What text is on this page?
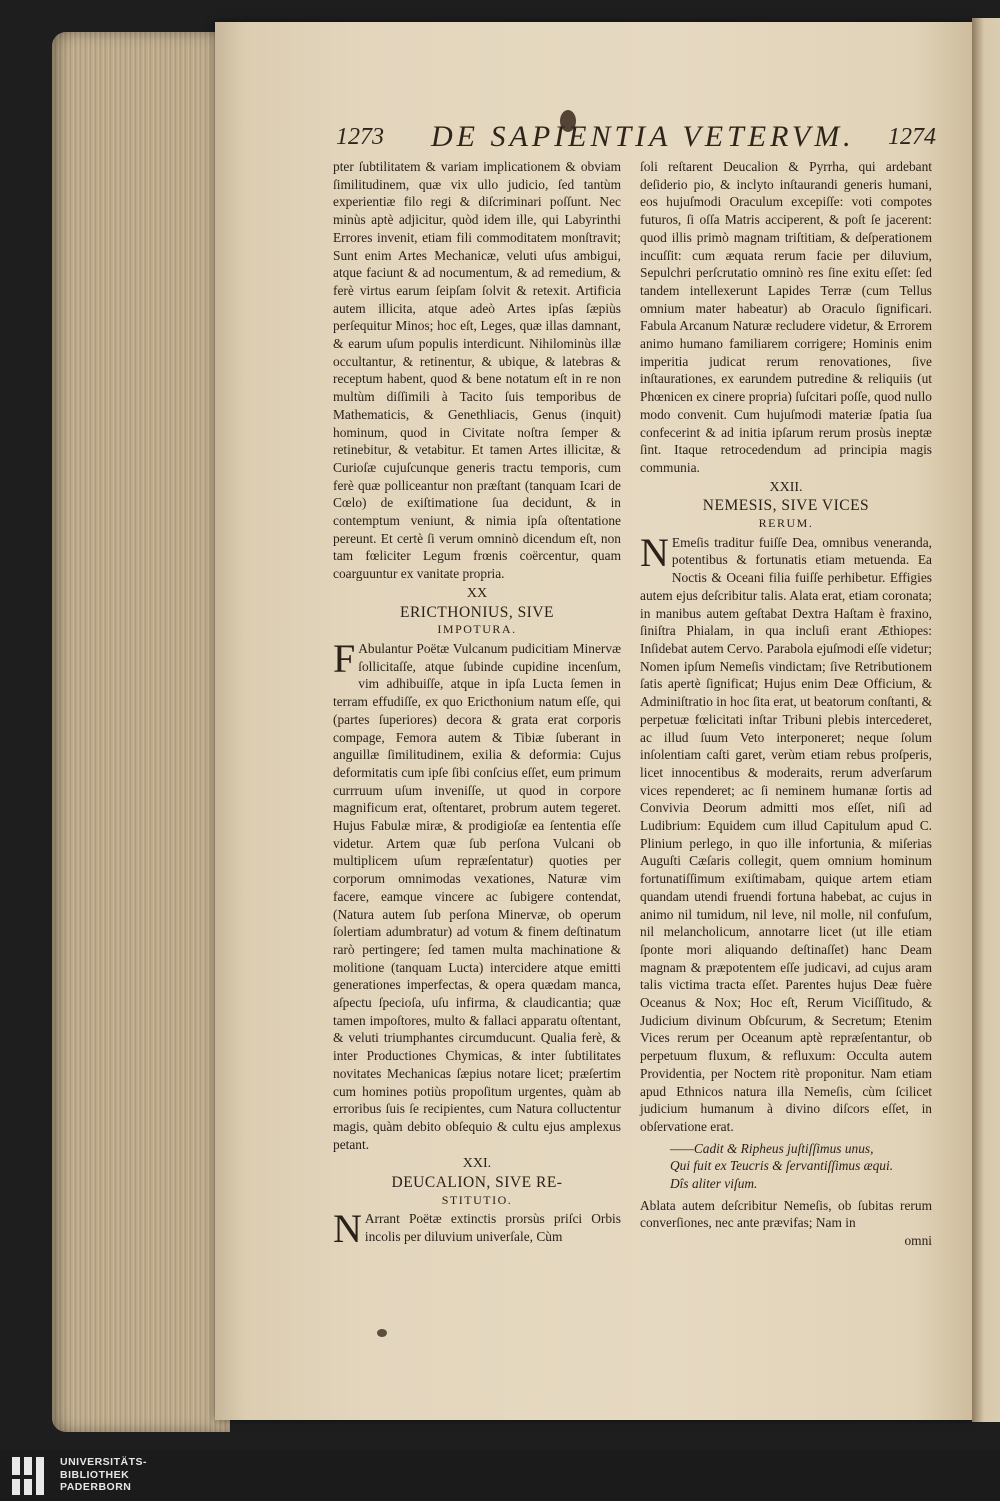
1273 DE SAPIENTIA VETERVM. 1274

pter ſubtilitatem & variam implicationem & obviam ſimilitudinem, quæ vix ullo judicio, ſed tantùm experientiæ filo regi & diſcriminari poſſunt. Nec minùs aptè adjicitur, quòd idem ille, qui Labyrinthi Errores invenit, etiam fili commoditatem monſtravit; Sunt enim Artes Mechanicæ, veluti uſus ambigui, atque faciunt & ad nocumentum, & ad remedium, & ferè virtus earum ſeipſam ſolvit & retexit. Artificia autem illicita, atque adeò Artes ipſas ſæpiùs perſequitur Minos; hoc eſt, Leges, quæ illas damnant, & earum uſum populis interdicunt. Nihilominùs illæ occultantur, & retinentur, & ubique, & latebras & receptum habent, quod & bene notatum eſt in re non multùm diſſimili à Tacito ſuis temporibus de Mathematicis, & Genethliacis, Genus (inquit) hominum, quod in Civitate noſtra ſemper & retinebitur, & vetabitur. Et tamen Artes illicitæ, & Curioſæ cujuſcunque generis tractu temporis, cum ferè quæ polliceantur non præſtant (tanquam Icari de Cœlo) de exiſtimatione ſua decidunt, & in contemptum veniunt, & nimia ipſa oſtentatione pereunt. Et certè ſi verum omninò dicendum eſt, non tam fœliciter Legum frœnis coërcentur, quam coarguuntur ex vanitate propria.

XX
ERICTHONIUS, SIVE
IMPOTURA.

F Abulantur Poëtæ Vulcanum pudicitiam Minervæ ſollicitaſſe, atque ſubinde cupidine incenſum, vim adhibuiſſe, atque in ipſa Lucta ſemen in terram effudiſſe, ex quo Ericthonium natum eſſe, qui (partes ſuperiores) decora & grata erat corporis compage, Femora autem & Tibiæ ſuberant in anguillæ ſimilitudinem, exilia & deformia: Cujus deformitatis cum ipſe ſibi conſcius eſſet, eum primum currruum uſum inveniſſe, ut quod in corpore magnificum erat, oſtentaret, probrum autem tegeret. Hujus Fabulæ miræ, & prodigioſæ ea ſententia eſſe videtur. Artem quæ ſub perſona Vulcani ob multiplicem uſum repræſentatur) quoties per corporum omnimodas vexationes, Naturæ vim facere, eamque vincere ac ſubigere contendat, (Natura autem ſub perſona Minervæ, ob operum ſolertiam adumbratur) ad votum & finem deſtinatum rarò pertingere; ſed tamen multa machinatione & molitione (tanquam Lucta) intercidere atque emitti generationes imperfectas, & opera quædam manca, aſpectu ſpecioſa, uſu infirma, & claudicantia; quæ tamen impoſtores, multo & fallaci apparatu oſtentant, & veluti triumphantes circumducunt. Qualia ferè, & inter Productiones Chymicas, & inter ſubtilitates novitates Mechanicas ſæpius notare licet; præſertim cum homines potiùs propoſitum urgentes, quàm ab erroribus ſuis ſe recipientes, cum Natura colluctentur magis, quàm debito obſequio & cultu ejus amplexus petant.

XXI.
DEUCALION, SIVE RE-
STITUTIO.

N Arrant Poëtæ extinctis prorsùs priſci Orbis incolis per diluvium univerſale, Cùm

ſoli reſtarent Deucalion & Pyrrha, qui ardebant deſiderio pio, & inclyto inſtaurandi generis humani, eos hujuſmodi Oraculum excepiſſe: voti compotes futuros, ſi oſſa Matris acciperent, & poſt ſe jacerent: quod illis primò magnam triſtitiam, & deſperationem incuſſit: cum æquata rerum facie per diluvium, Sepulchri perſcrutatio omninò res ſine exitu eſſet: ſed tandem intellexerunt Lapides Terræ (cum Tellus omnium mater habeatur) ab Oraculo ſignificari. Fabula Arcanum Naturæ recludere videtur, & Errorem animo humano familiarem corrigere; Hominis enim imperitia judicat rerum renovationes, ſive inſtaurationes, ex earundem putredine & reliquiis (ut Phœnicen ex cinere propria) ſuſcitari poſſe, quod nullo modo convenit. Cum hujuſmodi materiæ ſpatia ſua confecerint & ad initia ipſarum rerum prosùs ineptæ ſint. Itaque retrocedendum ad principia magis communia.

XXII.
NEMESIS, SIVE VICES
RERUM.

N Emeſis traditur fuiſſe Dea, omnibus veneranda, potentibus & fortunatis etiam metuenda. Ea Noctis & Oceani filia fuiſſe perhibetur. Effigies autem ejus deſcribitur talis. Alata erat, etiam coronata; in manibus autem geſtabat Dextra Haſtam è fraxino, ſiniſtra Phialam, in qua incluſi erant Æthiopes: Inſidebat autem Cervo. Parabola ejuſmodi eſſe videtur; Nomen ipſum Nemeſis vindictam; ſive Retributionem ſatis apertè ſignificat; Hujus enim Deæ Officium, & Adminiſtratio in hoc ſita erat, ut beatorum conſtanti, & perpetuæ fœlicitati inſtar Tribuni plebis intercederet, ac illud ſuum Veto interponeret; neque ſolum inſolentiam caſti garet, verùm etiam rebus proſperis, licet innocentibus & moderaits, rerum adverſarum vices rependeret; ac ſi neminem humanæ ſortis ad Convivia Deorum admitti mos eſſet, niſi ad Ludibrium: Equidem cum illud Capitulum apud C. Plinium perlego, in quo ille infortunia, & miſerias Auguſti Cæſaris collegit, quem omnium hominum fortunatiſſimum exiſtimabam, quique artem etiam quandam utendi fruendi fortuna habebat, ac cujus in animo nil tumidum, nil leve, nil molle, nil confuſum, nil melancholicum, annotarre licet (ut ille etiam ſponte mori aliquando deſtinaſſet) hanc Deam magnam & præpotentem eſſe judicavi, ad cujus aram talis victima tracta eſſet. Parentes hujus Deæ fuère Oceanus & Nox; Hoc eſt, Rerum Viciſſitudo, & Judicium divinum Obſcurum, & Secretum; Etenim Vices rerum per Oceanum aptè repræſentantur, ob perpetuum fluxum, & refluxum: Occulta autem Providentia, per Noctem ritè proponitur. Nam etiam apud Ethnicos natura illa Nemeſis, cùm ſcilicet judicium humanum à divino diſcors eſſet, in obſervatione erat.

——Cadit & Ripheus juſtiſſimus unus,
Qui fuit ex Teucris & ſervantiſſimus æqui.
Dîs aliter viſum.

Ablata autem deſcribitur Nemeſis, ob ſubitas rerum converſiones, nec ante prævifas; Nam in

omni
UNIVERSITÄTS-
BIBLIOTHEK
PADERBORN
